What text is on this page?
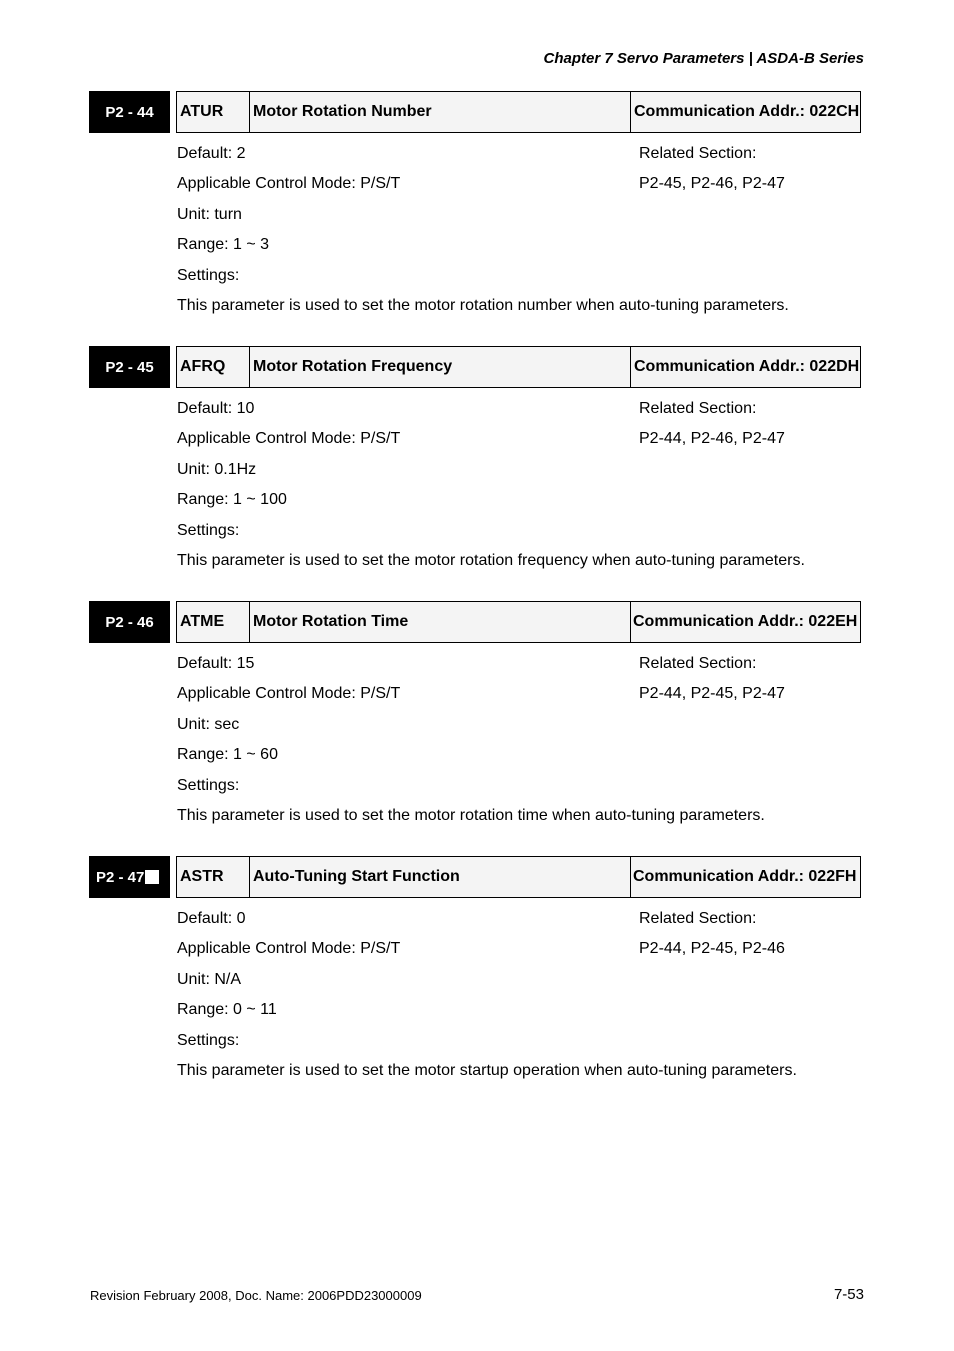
Chapter 7 Servo Parameters | ASDA-B Series
P2 - 44 ATUR	Motor Rotation Number	Communication Addr.: 022CH
Default: 2
Applicable Control Mode: P/S/T
Unit: turn
Range: 1 ~ 3
Settings:
This parameter is used to set the motor rotation number when auto-tuning parameters.
Related Section:
P2-45, P2-46, P2-47
P2 - 45 AFRQ	Motor Rotation Frequency	Communication Addr.: 022DH
Default: 10
Applicable Control Mode: P/S/T
Unit: 0.1Hz
Range: 1 ~ 100
Settings:
This parameter is used to set the motor rotation frequency when auto-tuning parameters.
Related Section:
P2-44, P2-46, P2-47
P2 - 46 ATME	Motor Rotation Time	Communication Addr.: 022EH
Default: 15
Applicable Control Mode: P/S/T
Unit: sec
Range: 1 ~ 60
Settings:
This parameter is used to set the motor rotation time when auto-tuning parameters.
Related Section:
P2-44, P2-45, P2-47
P2 - 47 ASTR	Auto-Tuning Start Function	Communication Addr.: 022FH
Default: 0
Applicable Control Mode: P/S/T
Unit: N/A
Range: 0 ~ 11
Settings:
This parameter is used to set the motor startup operation when auto-tuning parameters.
Related Section:
P2-44, P2-45, P2-46
Revision February 2008, Doc. Name: 2006PDD23000009	7-53
